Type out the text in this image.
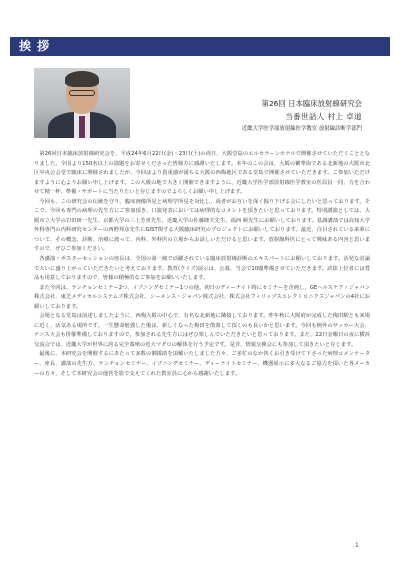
挨 拶
第26回 日本臨床放射線研究会
当番世話人 村上 卓道
近畿大学医学部放射線医学教室 放射線診断学部門

第26回日本臨床放射線研究会を、平成24年6月22日(金)・23日(土)の両日、大阪堂島のエルセラーンホテルで開催させていただくこととなりました。全国より150名以上の演題をお寄せくださった皆様方に感謝いたします。本年のこの会は、大阪の繁華街である北新地の大阪市北区中央公会堂で臨床に開催されましたが、今回はより貴重感が満ちる大阪の西梅地区である堂島で開催させていただきます。ご参加いただけますように心よりお願い申し上げます。この大阪の地で大きく開催できますように、近畿大学医学部放射線医学教室の医局員一同、力を合わせて精一杯、準備・サポートに当たりたいと存じますのでよろしくお願い申し上げます。

今回も、この研究会の伝統を守り、臨床画像所見と病理学所見を対比し、両者がお互いを深く掘り下げる会にしたいと思っております。そこで、今回も専門の病理の先生方にご参加頂き、口演発表においては病理的なコメントを頂きたいと思っております。特別講演としては、大阪市立大学の岩田研一先生、京都大学の三上芳喜先生、近畿大学の佐藤隆夫先生、福西 嵯先生にお願いしております。基調講演では高知大学外科専門の内科研究センターの西野邦彦先生にGIST関する大阪臨床研究のプロジェクトにお願いしております。最近、注目されている来夢について、その概念、診断、治療に渡って、内科、外科医の立場からお話しいただけると思います。放射線科医にとって興味ある内容と思いますので、ぜひご参加ください。

各講演・ポスターセッションの座長は、全国の第一線で活躍されている臨床放射線診断のエキスパートにお願いしております。活発な討論で大いに盛り上がっていただきたいと考えております。教育(クイズ)展示は、公募、当会で10題準備させていただきます。読影上位者には賞品も用意しておりますので、皆様の積極的なご参加をお願いいたします。

また今回は、ランチョンセミナー2つ、イブニングセミナー1つの他、初日のディーナイト時にセミナーを企画し、GEヘルスケア・ジャパン株式会社、東芝メディカルシステムズ株式会社、シーメンス・ジャパン株式会社、株式会社フィリップスエレクトロニクスジャパンの4社にお願いしております。

会場となる堂島は前述しましたように、西梅大阪の中心で、有名な北新地に隣接しております。昨年秋に大阪府が完成した梅田駅とも来場に近く、活気ある場所です。一生懸命勉強した後は、新しくなった梅田を散策して頂くのも良いかと思います。今回も例外のサッカー大会、テニス大会も併催準備しておりますので、参加される先生方にはぜひ楽しんでいただきたいと思っております。また、22日金曜日の夜に横浜交流会では、近畿大学が世界に誇る完全養殖の近大マグロの解体を行う予定です。是非、情報交換会にも参加して頂きたいと存じます。

最後に、本研究会を開催するにあたって多数の御援助を頂戴いたしました方々、ご多忙のなか快くお引き受けて下さった病理コメンテーター、座長、講演の先生方、ランチョンセミナー、イブニングセミナー、ディーナイトセミナー、機器展示に多大なるご協力を頂いた各メーカーの方々、そして本研究会の運営を影で支えてくれた教室員に心から感謝いたします。

1
